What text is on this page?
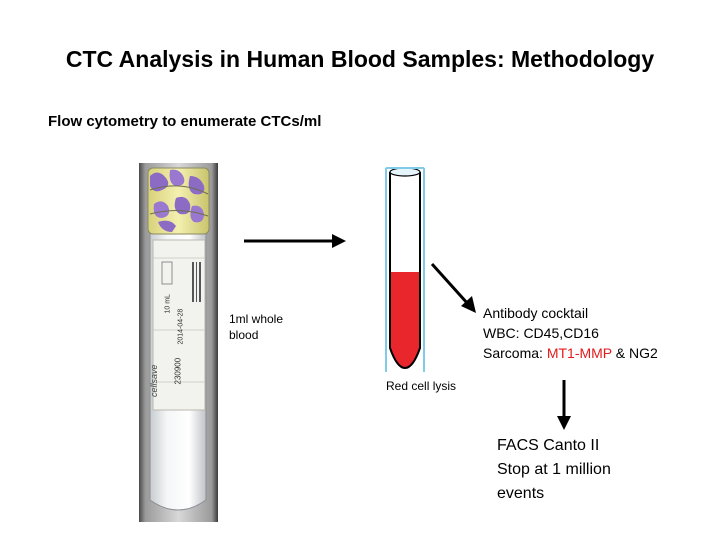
CTC Analysis in Human Blood Samples: Methodology
Flow cytometry to enumerate CTCs/ml
10 mL
2014-04-28
230900
cellsave
1ml whole
blood
Red cell lysis
Antibody cocktail
WBC: CD45,CD16
Sarcoma: MT1-MMP & NG2
FACS Canto II
Stop at 1 million
events
